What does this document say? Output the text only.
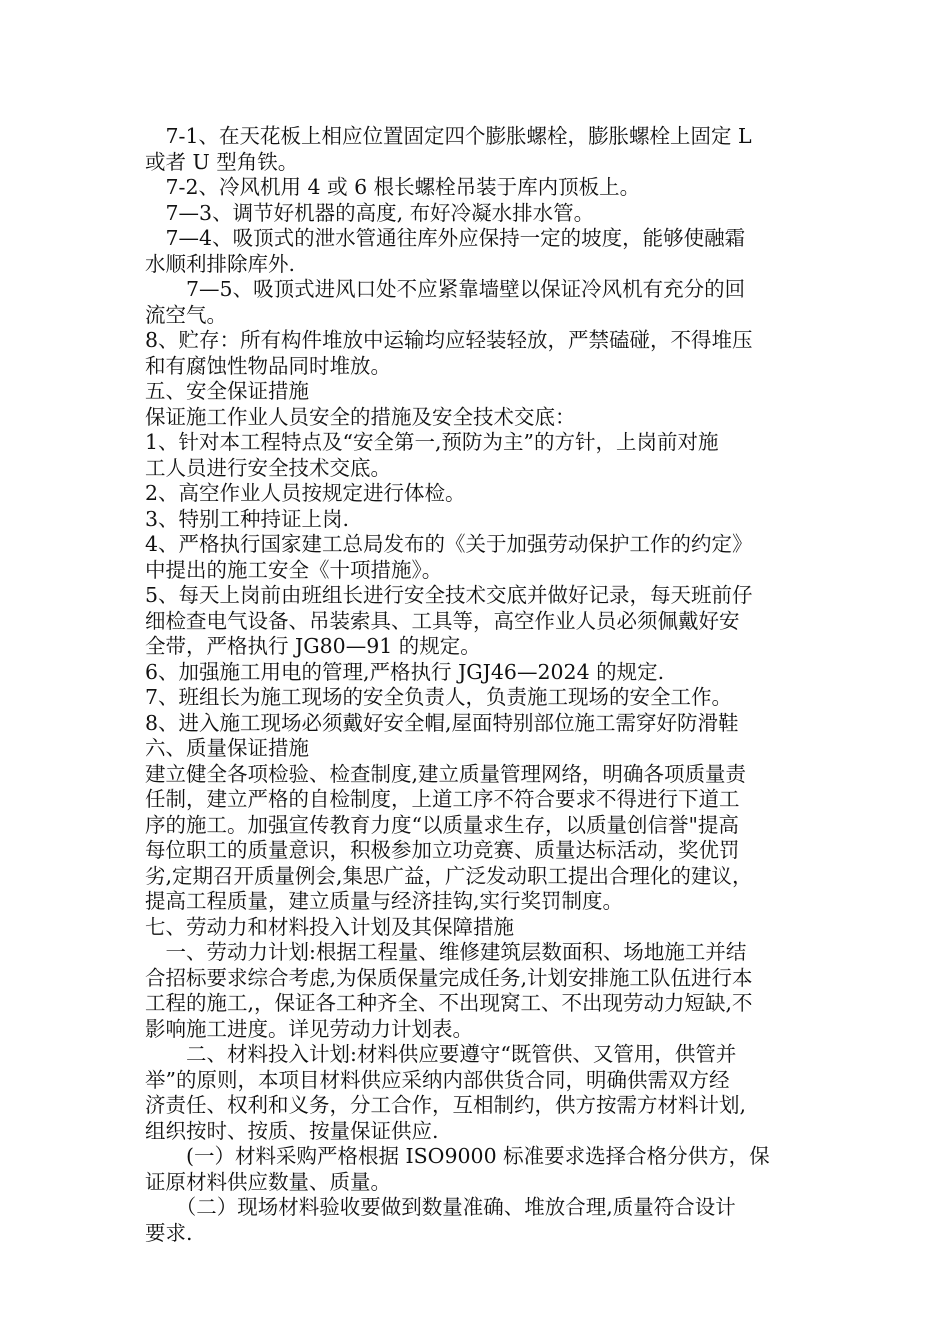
　7-1、在天花板上相应位置固定四个膨胀螺栓，膨胀螺栓上固定 L
或者 U 型角铁。
　7-2、冷风机用 4 或 6 根长螺栓吊装于库内顶板上。
　7—3、调节好机器的高度, 布好冷凝水排水管。
　7—4、吸顶式的泄水管通往库外应保持一定的坡度，能够使融霜
水顺利排除库外.
　　7—5、吸顶式进风口处不应紧靠墙壁以保证冷风机有充分的回
流空气。
8、贮存：所有构件堆放中运输均应轻装轻放，严禁磕碰，不得堆压
和有腐蚀性物品同时堆放。
五、安全保证措施
保证施工作业人员安全的措施及安全技术交底：
1、针对本工程特点及“安全第一,预防为主”的方针，上岗前对施
工人员进行安全技术交底。
2、高空作业人员按规定进行体检。
3、特别工种持证上岗.
4、严格执行国家建工总局发布的《关于加强劳动保护工作的约定》
中提出的施工安全《十项措施》。
5、每天上岗前由班组长进行安全技术交底并做好记录，每天班前仔
细检查电气设备、吊装索具、工具等，高空作业人员必须佩戴好安
全带，严格执行 JG80—91 的规定。
6、加强施工用电的管理,严格执行 JGJ46—2024 的规定.
7、班组长为施工现场的安全负责人，负责施工现场的安全工作。
8、进入施工现场必须戴好安全帽,屋面特别部位施工需穿好防滑鞋
六、质量保证措施
建立健全各项检验、检查制度,建立质量管理网络，明确各项质量责
任制，建立严格的自检制度，上道工序不符合要求不得进行下道工
序的施工。加强宣传教育力度“以质量求生存，以质量创信誉"提高
每位职工的质量意识，积极参加立功竞赛、质量达标活动，奖优罚
劣,定期召开质量例会,集思广益，广泛发动职工提出合理化的建议，
提高工程质量，建立质量与经济挂钩,实行奖罚制度。
七、劳动力和材料投入计划及其保障措施
　一、劳动力计划:根据工程量、维修建筑层数面积、场地施工并结
合招标要求综合考虑,为保质保量完成任务,计划安排施工队伍进行本
工程的施工,，保证各工种齐全、不出现窝工、不出现劳动力短缺,不
影响施工进度。详见劳动力计划表。
　　二、材料投入计划:材料供应要遵守“既管供、又管用，供管并
举”的原则，本项目材料供应采纳内部供货合同，明确供需双方经
济责任、权利和义务，分工合作，互相制约，供方按需方材料计划,
组织按时、按质、按量保证供应.
　　(一）材料采购严格根据 ISO9000 标准要求选择合格分供方，保
证原材料供应数量、质量。
　　（二）现场材料验收要做到数量准确、堆放合理,质量符合设计
要求.
